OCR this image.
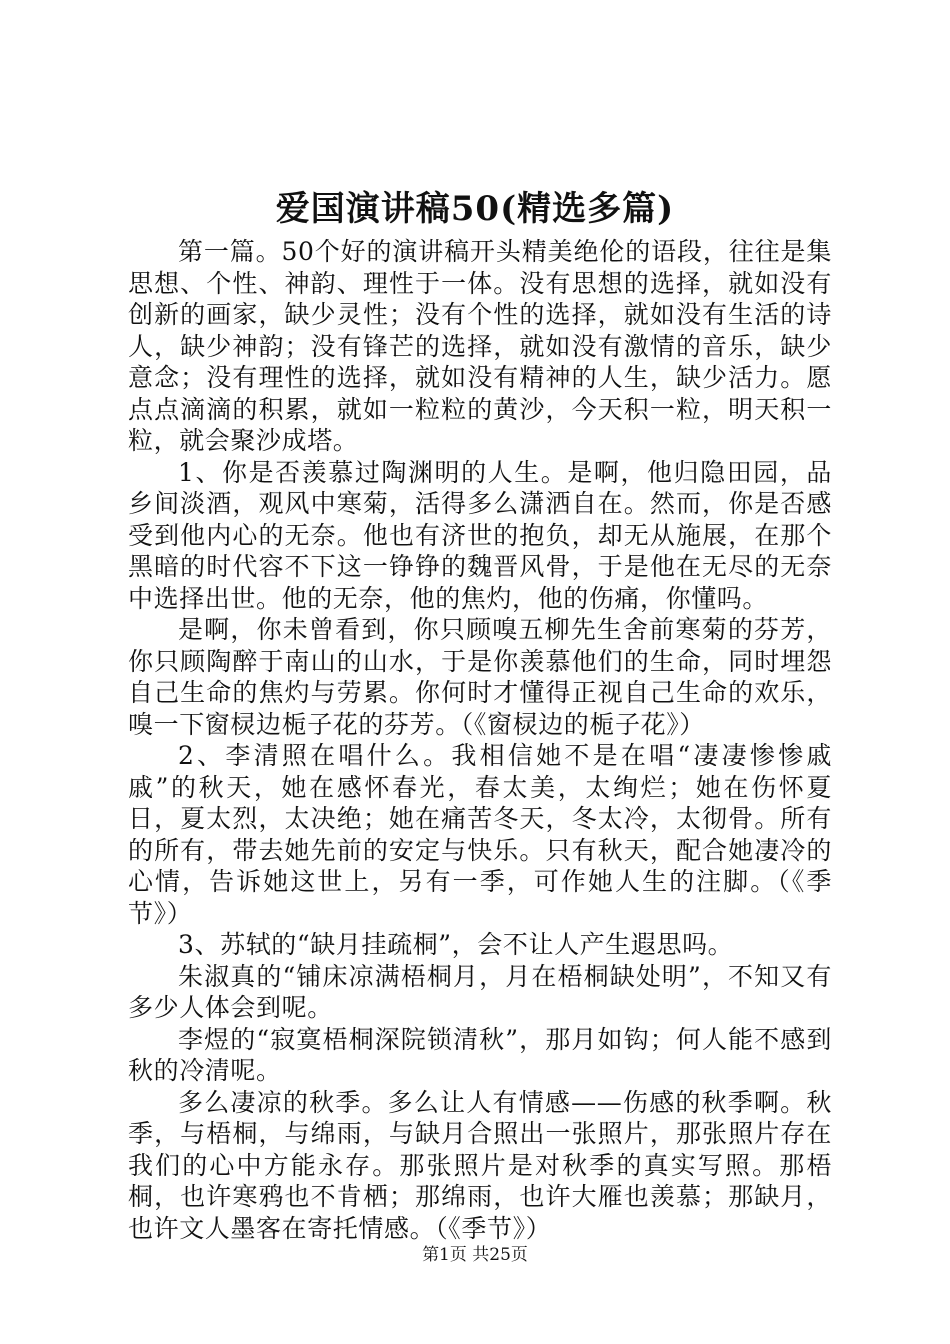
爱国演讲稿50(精选多篇)

第一篇。50个好的演讲稿开头精美绝伦的语段，往往是集思想、个性、神韵、理性于一体。没有思想的选择，就如没有创新的画家，缺少灵性；没有个性的选择，就如没有生活的诗人，缺少神韵；没有锋芒的选择，就如没有激情的音乐，缺少意念；没有理性的选择，就如没有精神的人生，缺少活力。愿点点滴滴的积累，就如一粒粒的黄沙，今天积一粒，明天积一粒，就会聚沙成塔。

1、你是否羡慕过陶渊明的人生。是啊，他归隐田园，品乡间淡酒，观风中寒菊，活得多么潇洒自在。然而，你是否感受到他内心的无奈。他也有济世的抱负，却无从施展，在那个黑暗的时代容不下这一铮铮的魏晋风骨，于是他在无尽的无奈中选择出世。他的无奈，他的焦灼，他的伤痛，你懂吗。

是啊，你未曾看到，你只顾嗅五柳先生舍前寒菊的芬芳，你只顾陶醉于南山的山水，于是你羡慕他们的生命，同时埋怨自己生命的焦灼与劳累。你何时才懂得正视自己生命的欢乐，嗅一下窗棂边栀子花的芬芳。（《窗棂边的栀子花》）

2、李清照在唱什么。我相信她不是在唱“凄凄惨惨戚戚”的秋天，她在感怀春光，春太美，太绚烂；她在伤怀夏日，夏太烈，太决绝；她在痛苦冬天，冬太冷，太彻骨。所有的所有，带去她先前的安定与快乐。只有秋天，配合她凄冷的心情，告诉她这世上，另有一季，可作她人生的注脚。（《季节》）

3、苏轼的“缺月挂疏桐”，会不让人产生遐思吗。

朱淑真的“铺床凉满梧桐月，月在梧桐缺处明”，不知又有多少人体会到呢。

李煜的“寂寞梧桐深院锁清秋”，那月如钩；何人能不感到秋的冷清呢。

多么凄凉的秋季。多么让人有情感——伤感的秋季啊。秋季，与梧桐，与绵雨，与缺月合照出一张照片，那张照片存在我们的心中方能永存。那张照片是对秋季的真实写照。那梧桐，也许寒鸦也不肯栖；那绵雨，也许大雁也羡慕；那缺月，也许文人墨客在寄托情感。（《季节》）

第1页 共25页
